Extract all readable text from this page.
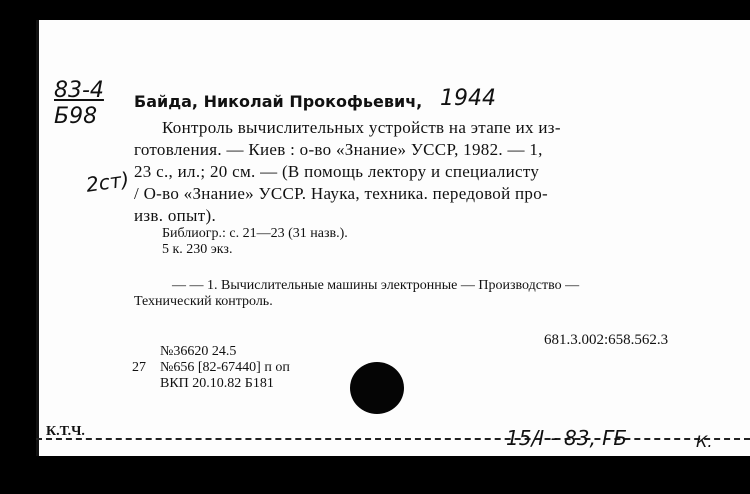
83-4
Б98
2ст)
Байда, Николай Прокофьевич, 1944
Контроль вычислительных устройств на этапе их из-
готовления. — Киев : о-во «Знание» УССР, 1982. — 1,
23 с., ил.; 20 см. — (В помощь лектору и специалисту
/ О-во «Знание» УССР. Наука, техника. передовой про-
изв. опыт).
Библиогр.: с. 21—23 (31 назв.).
5 к. 230 экз.
— — 1. Вычислительные машины электронные — Производство —
Технический контроль.
681.3.002:658.562.3
№36620 24.5
27 №656 [82-67440] п оп
ВКП 20.10.82 Б181
К.Т.Ч.	15/I - 83, ГБ	К.
